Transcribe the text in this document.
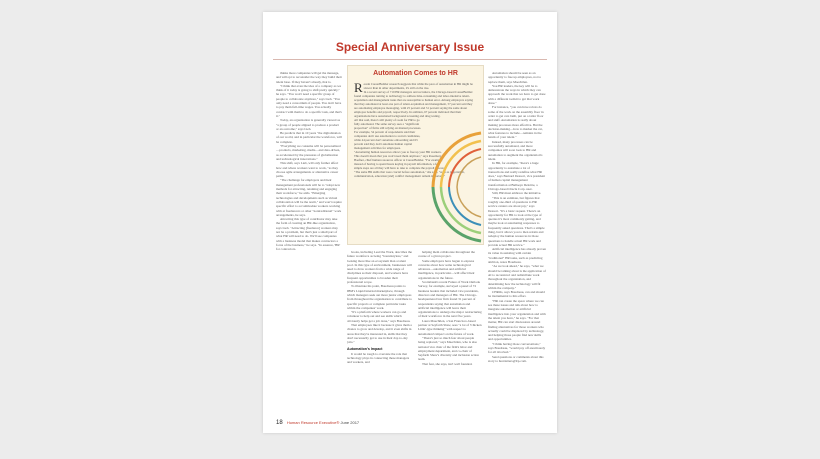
Special Anniversary Issue

thinks more companies will get the message, and will opt to reconsider the way they build their talent base. If they haven't already, that is.

"I think that even the idea of a company as we think of it today is going to shift pretty quickly," he says. "You won't need a specific group of people to collaborate anymore," says Lieb. "You only need a consortium of people. You don't have to pay them full-time wages. You actually contract with them to do a specific task, and that's it."

Today, an organization is generally viewed as "a group of people aligned to produce a product or an outcome," says Lieb.

He predicts that in 10 years "the digitalization of our world, and in particular the workforce, will be complete.

"Everything we consume will be personalized—products, marketing, media—and data-driven, as accelerated by the pressures of globalization and technological innovations."

This shift, says Lieb, will only further affect how and where workers want to work, "as they choose agile arrangements or alternative career paths.

"The challenge for employers and their management professionals will be to "adopt new methods for attracting, retaining and engaging their workforce," he adds. "Emerging technologies and developments such as virtual collaboration will be the norm," and won't require specific effort to accommodate workers working with at freelancers or other "nontraditional" work arrangements, he says.

Attracting this type of contributor may take the form of creating an HR-like organization, says Lieb. "Attracting [freelance] workers may not be a problem, but that's just a small part of what HR will need to do. We'll see companies with a business model that makes contractors a focus of the business," he says. "In essence, 'HR' for contractors.

Automation Comes to HR

Recent CareerBuilder research suggests that while the pace of automation in HR might be slower than in other departments, it's still on the rise.

In a recent survey of 719 HR managers and recruiters, the Chicago-based CareerBuilder found companies turning to technology to address time-consuming and labor-intensive talent-acquisition and management tasks that are susceptible to human error. Among employers saying that they automated at least one part of talent-acquisition and management, 57 percent said they are automating employee messaging, with 25 percent and 31 percent saying the same about employee benefits and payroll, respectively. In addition, 67 percent indicated that their organizations have automated background screening and drug testing.

All that said, there's still plenty of room for HR to go fully automated. The same survey sees a "significant proportion" of firms still relying on manual processes. For example, 54 percent of respondents said their companies don't use automation to recruit candidates, while 44 percent don't automate onboarding and 63 percent said they don't automate human capital management activities for employees.

"Automating human resources allows you to free up your HR workers. This doesn't mean that you won't need them anymore," says Rosemary Haefner, chief human resources officer at CareerBuilder. "For example, instead of having to spend hours keying in payroll information, a few simple steps are all they will have to take to complete the payroll process.

"The same HR skills that were crucial before automation," she says, "such as negotiation, communication, education [and] conflict management remain important."

books, including Lead the Work, describes the future workforce as being "boundaryless," and looking more like an ecosystem than a talent pool. In this type of environment, businesses will need to draw workers from a wide range of disciplines as their disposal, and workers have frequent opportunities to broaden their professional scope.

To illustrate his point, Boudreau points to IBM's Liquid internal marketplace, through which managers seek out more junior employees from throughout the organization to contribute to specific projects or complete particular tasks within the companies' work.

"It's a platform where workers can go and volunteer to help out and see skills which obviously helps get a job done," says Boudreau.

That employees like it because it gives them a chance to grow and develop, and it even shifts in areas that they're interested in, skills that they don't necessarily get to use in their day-to-day jobs."

Automation's Impact

It would be tough to overstate the role that technology plays in connecting these managers and workers, and

helping them collaborate throughout the course of a given project.

Some employers have begun to express concerns about how some technological advances—automation and artificial intelligence, in particular—will affect their organizations in the future.

Scotiabank's recent Future of Work Outlook Survey, for example, surveyed a panel of 72 business leaders that included vice presidents, directors and managers of HR. The Chicago-headquartered law firm found 31 percent of respondents saying that automation and artificial intelligence will leave their organizations to undergo the major restructuring of their workforce in the next five years.

Laura Maechtlen, a San Francisco-based partner at Seyfarth Shaw, sees "a lot of 'Chicken Little'-type thinking" with respect to automation's impact on the future of work.

"There's just so much fear about people being replaced," says Maechtlen, who is also national vice chair of the firm's labor and employment department, and co-chair of Seyfarth Shaw's diversity and inclusion action team.

That fear, she says, isn't well founded.

Automation should be seen as an opportunity to free up employees, not to replace them, says Maechtlen.

You HR leaders, the key will be to demonstrate the ways in which they can approach the work that we have to get done with a different toolkit to get that work done."

For instance, "you can have robots do some of the work on the assembly floor in order to get cars built, put on a tailor floor and stuff. Automation is really about making processes more effective. But the decision-making—how to market the car, what features to include—remains in the hands of your talent."

Indeed, many processes can be successfully automated, and more companies will soon look to HR and automation to augment the organization's talent.

In HR, for example, "there's a huge opportunity to automate a lot of transactions and really redefine what HR does," says Bernard Dessort, vice president of human capital management transformation at Bullseye Deloitte, a Chicago-based Oracle Corp. user.

Still, HR must embrace the initiative.

"This is an estimate, but figures that roughly one-third of questions to HR service centers are about pay," says Dessort. "It's a basic request. There's an opportunity for HR to look at the type of queries it's most commonly getting, and maybe look at automating responses to frequently asked questions. That's a simple thing, but it allows you to then retrain and redeploy the human resources in those questions to handle actual HR work and provide actual HR service."

Artificial intelligence has already proven its value in assisting with certain "traditional" HR tasks, such as predicting attrition, notes Boudreau.

"As we look ahead," he says, "what we should be talking about is the application of AI to reconstruct and redistribute work throughout the organization, and determining how the technology will fit within the company."

CHROs, says Boudreau, can and should be instrumental to this effort.

"HR can create the space where we can see these issues and talk about how to integrate automation or artificial intelligence into your organization and with the talent you have," he says. "For that matter, HR can start discussions around finding alternatives for those workers who actually could be displaced by technology, and helping those people find new skills and opportunities.

"I think having those conversations," says Boudreau, "would pay off enormously for all involved."

Send questions or comments about this story to hrexletters@lrp.com.

18 Human Resource Executive® June 2017
